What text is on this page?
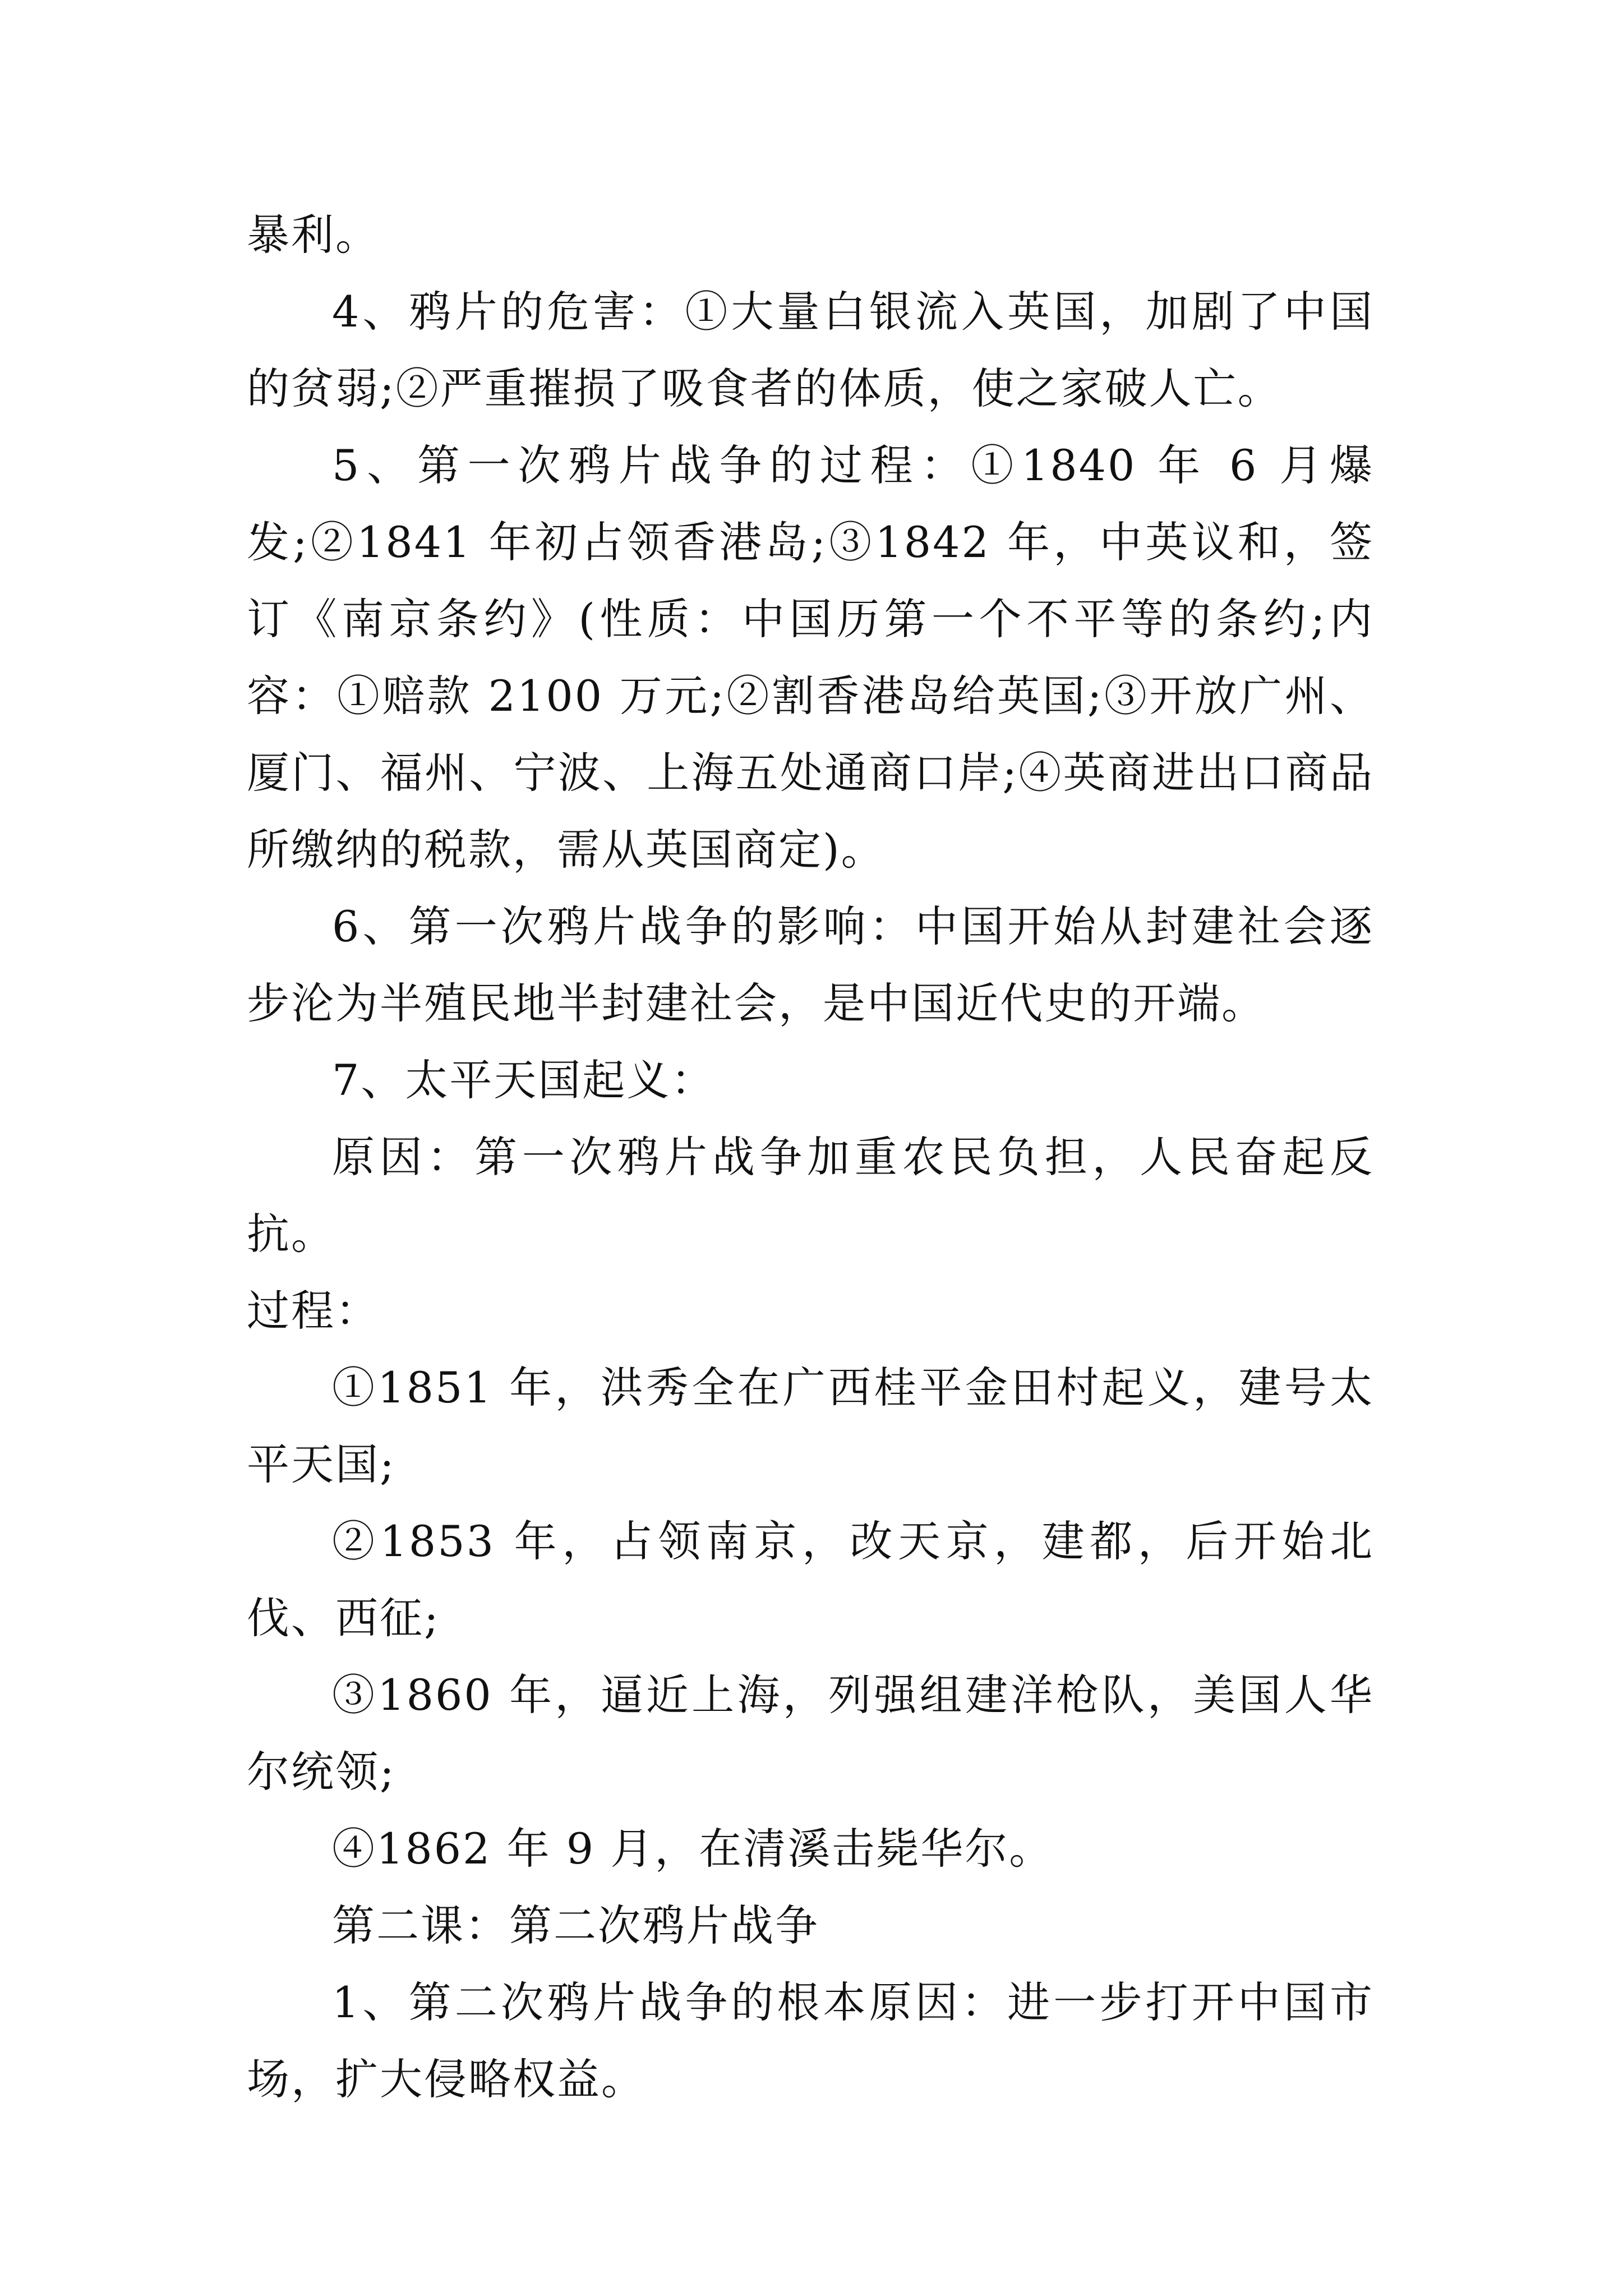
暴利。

4、鸦片的危害：①大量白银流入英国，加剧了中国的贫弱;②严重摧损了吸食者的体质，使之家破人亡。

5、第一次鸦片战争的过程：①1840 年 6 月爆发;②1841 年初占领香港岛;③1842 年，中英议和，签订《南京条约》(性质：中国历第一个不平等的条约;内容：①赔款 2100 万元;②割香港岛给英国;③开放广州、厦门、福州、宁波、上海五处通商口岸;④英商进出口商品所缴纳的税款，需从英国商定)。

6、第一次鸦片战争的影响：中国开始从封建社会逐步沦为半殖民地半封建社会，是中国近代史的开端。

7、太平天国起义：

原因：第一次鸦片战争加重农民负担，人民奋起反抗。

过程：

①1851 年，洪秀全在广西桂平金田村起义，建号太平天国;

②1853 年，占领南京，改天京，建都，后开始北伐、西征;

③1860 年，逼近上海，列强组建洋枪队，美国人华尔统领;

④1862 年 9 月，在清溪击毙华尔。

第二课：第二次鸦片战争

1、第二次鸦片战争的根本原因：进一步打开中国市场，扩大侵略权益。
